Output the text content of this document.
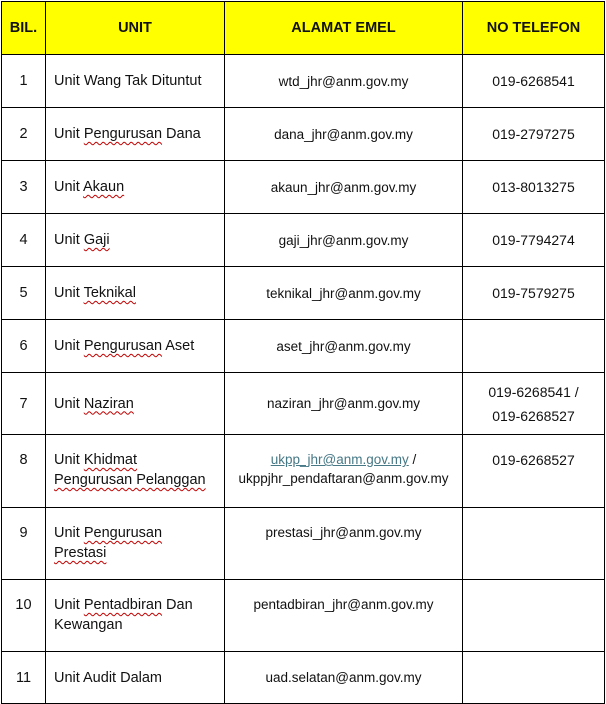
BIL.	UNIT	ALAMAT EMEL	NO TELEFON
1	Unit Wang Tak Dituntut	wtd_jhr@anm.gov.my	019-6268541
2	Unit Pengurusan Dana	dana_jhr@anm.gov.my	019-2797275
3	Unit Akaun	akaun_jhr@anm.gov.my	013-8013275
4	Unit Gaji	gaji_jhr@anm.gov.my	019-7794274
5	Unit Teknikal	teknikal_jhr@anm.gov.my	019-7579275
6	Unit Pengurusan Aset	aset_jhr@anm.gov.my	
7	Unit Naziran	naziran_jhr@anm.gov.my	019-6268541 /
019-6268527

8	Unit Khidmat
Pengurusan Pelanggan	ukpp_jhr@anm.gov.my /
ukppjhr_pendaftaran@anm.gov.my	019-6268527
9	Unit Pengurusan
Prestasi	prestasi_jhr@anm.gov.my	
10	Unit Pentadbiran Dan
Kewangan	pentadbiran_jhr@anm.gov.my	
11	Unit Audit Dalam	uad.selatan@anm.gov.my	
